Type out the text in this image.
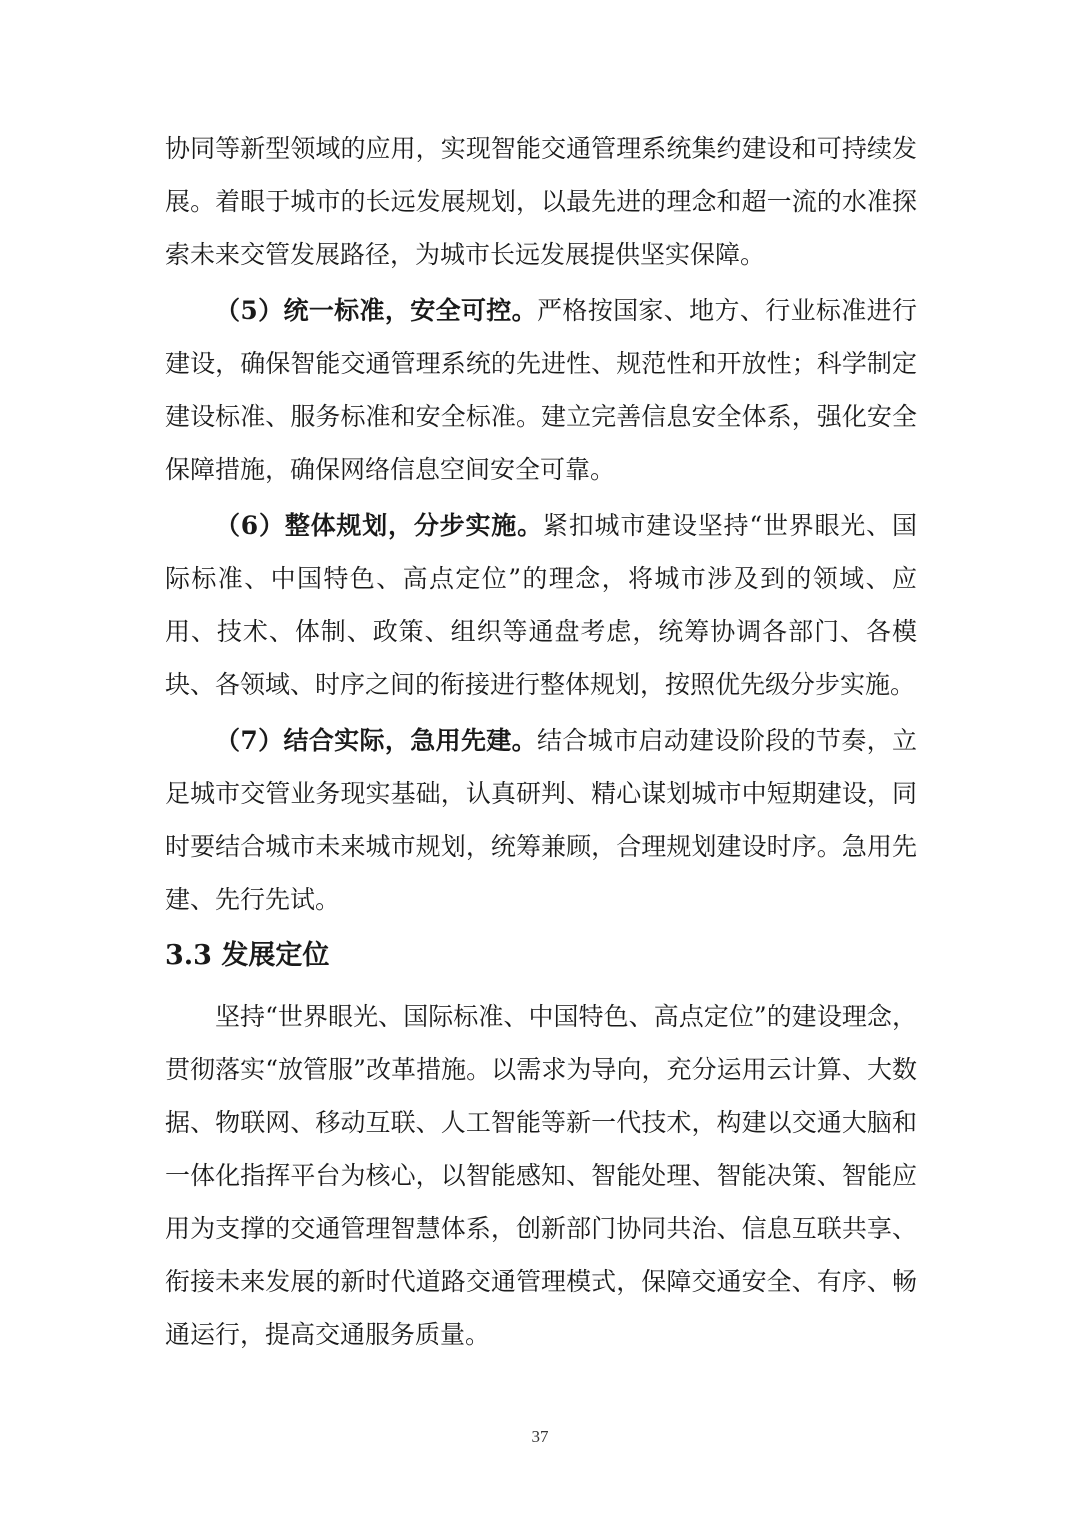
协同等新型领域的应用，实现智能交通管理系统集约建设和可持续发展。着眼于城市的长远发展规划，以最先进的理念和超一流的水准探索未来交管发展路径，为城市长远发展提供坚实保障。

（5）统一标准，安全可控。严格按国家、地方、行业标准进行建设，确保智能交通管理系统的先进性、规范性和开放性；科学制定建设标准、服务标准和安全标准。建立完善信息安全体系，强化安全保障措施，确保网络信息空间安全可靠。

（6）整体规划，分步实施。紧扣城市建设坚持“世界眼光、国际标准、中国特色、高点定位”的理念，将城市涉及到的领域、应用、技术、体制、政策、组织等通盘考虑，统筹协调各部门、各模块、各领域、时序之间的衔接进行整体规划，按照优先级分步实施。

（7）结合实际，急用先建。结合城市启动建设阶段的节奏，立足城市交管业务现实基础，认真研判、精心谋划城市中短期建设，同时要结合城市未来城市规划，统筹兼顾，合理规划建设时序。急用先建、先行先试。

3.3 发展定位

坚持“世界眼光、国际标准、中国特色、高点定位”的建设理念，贯彻落实“放管服”改革措施。以需求为导向，充分运用云计算、大数据、物联网、移动互联、人工智能等新一代技术，构建以交通大脑和一体化指挥平台为核心，以智能感知、智能处理、智能决策、智能应用为支撑的交通管理智慧体系，创新部门协同共治、信息互联共享、衔接未来发展的新时代道路交通管理模式，保障交通安全、有序、畅通运行，提高交通服务质量。

37
